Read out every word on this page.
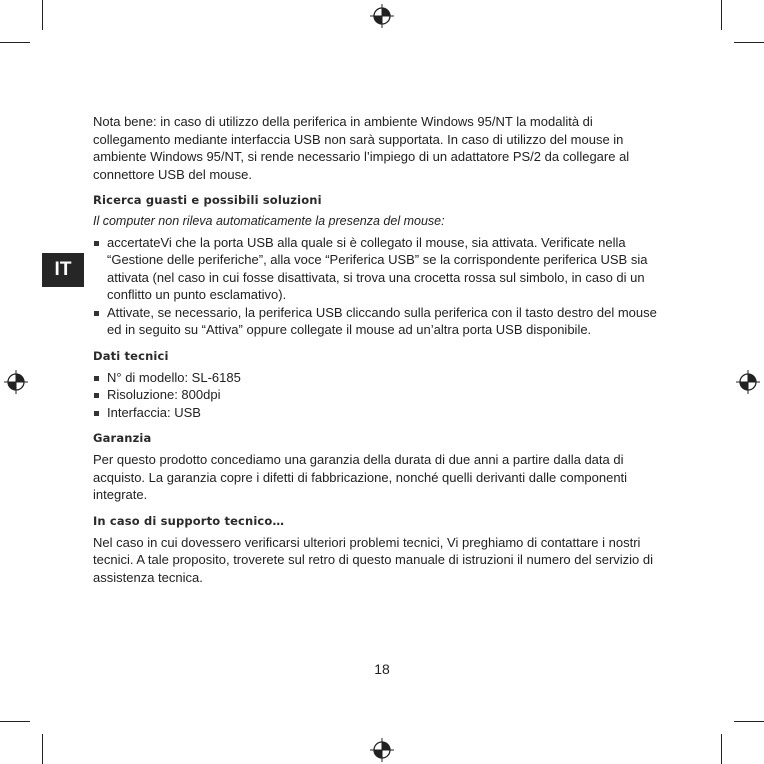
IT

Nota bene: in caso di utilizzo della periferica in ambiente Windows 95/NT la modalità di collegamento mediante interfaccia USB non sarà supportata. In caso di utilizzo del mouse in ambiente Windows 95/NT, si rende necessario l’impiego di un adattatore PS/2 da collegare al connettore USB del mouse.

Ricerca guasti e possibili soluzioni
Il computer non rileva automaticamente la presenza del mouse:
accertateVi che la porta USB alla quale si è collegato il mouse, sia attivata. Verificate nella “Gestione delle periferiche”, alla voce “Periferica USB” se la corrispondente periferica USB sia attivata (nel caso in cui fosse disattivata, si trova una crocetta rossa sul simbolo, in caso di un conflitto un punto esclamativo).
Attivate, se necessario, la periferica USB cliccando sulla periferica con il tasto destro del mouse ed in seguito su “Attiva” oppure collegate il mouse ad un’altra porta USB disponibile.
Dati tecnici
N° di modello: SL-6185
Risoluzione: 800dpi
Interfaccia: USB
Garanzia

Per questo prodotto concediamo una garanzia della durata di due anni a partire dalla data di acquisto. La garanzia copre i difetti di fabbricazione, nonché quelli derivanti dalle componenti integrate.

In caso di supporto tecnico…

Nel caso in cui dovessero verificarsi ulteriori problemi tecnici, Vi preghiamo di contattare i nostri tecnici. A tale proposito, troverete sul retro di questo manuale di istruzioni il numero del servizio di assistenza tecnica.

18
